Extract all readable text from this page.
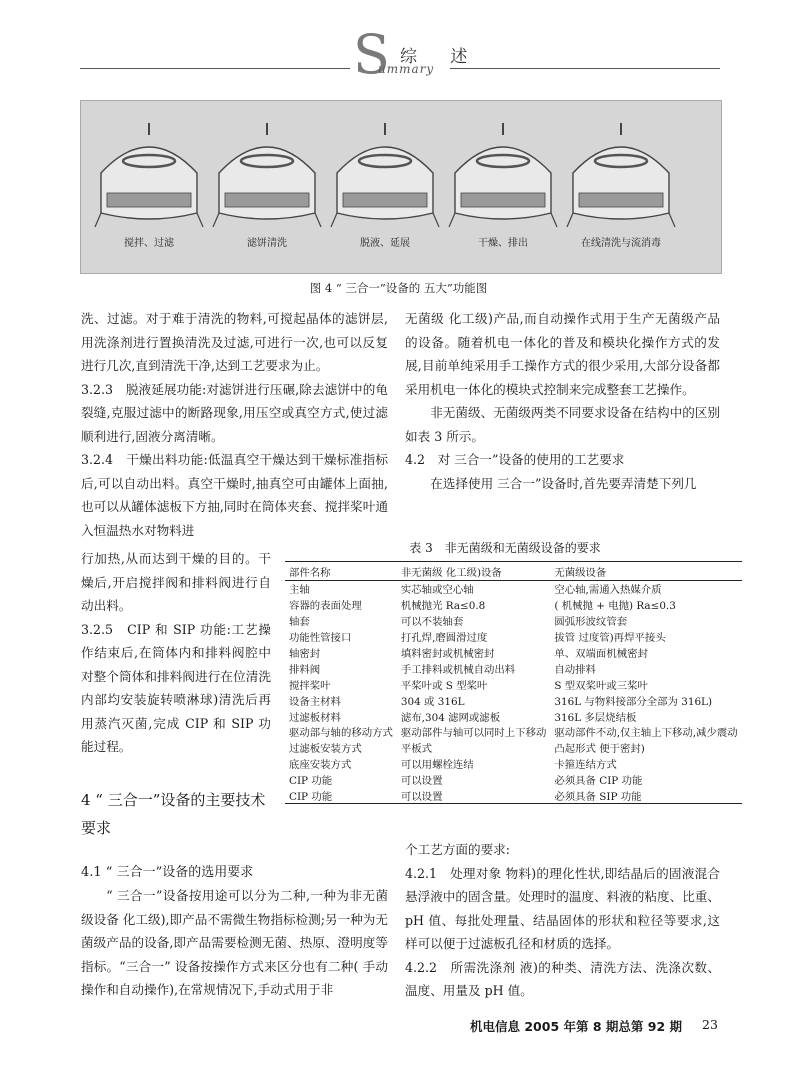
S 综 述
ummary
搅拌、过滤	滤饼清洗	脱液、延展	干燥、排出	在线清洗与流消毒
图 4 “ 三合一”设备的 五大”功能图

洗、过滤。对于难于清洗的物料,可搅起晶体的滤饼层,用洗涤剂进行置换清洗及过滤,可进行一次,也可以反复进行几次,直到清洗干净,达到工艺要求为止。

3.2.3　脱液延展功能:对滤饼进行压碾,除去滤饼中的龟裂缝,克服过滤中的断路现象,用压空或真空方式,使过滤顺利进行,固液分离清晰。

3.2.4　干燥出料功能:低温真空干燥达到干燥标准指标后,可以自动出料。真空干燥时,抽真空可由罐体上面抽,也可以从罐体滤板下方抽,同时在筒体夹套、搅拌桨叶通入恒温热水对物料进

行加热,从而达到干燥的目的。干燥后,开启搅拌阀和排料阀进行自动出料。

3.2.5　CIP 和 SIP 功能:工艺操作结束后,在筒体内和排料阀腔中对整个筒体和排料阀进行在位清洗 内部均安装旋转喷淋球)清洗后再用蒸汽灭菌,完成 CIP 和 SIP 功能过程。

4 “ 三合一”设备的主要技术要求
4.1 “ 三合一”设备的选用要求

“ 三合一”设备按用途可以分为二种,一种为非无菌级设备 化工级),即产品不需微生物指标检测;另一种为无菌级产品的设备,即产品需要检测无菌、热原、澄明度等指标。“三合一” 设备按操作方式来区分也有二种( 手动操作和自动操作),在常规情况下,手动式用于非

无菌级 化工级)产品,而自动操作式用于生产无菌级产品的设备。随着机电一体化的普及和模块化操作方式的发展,目前单纯采用手工操作方式的很少采用,大部分设备都采用机电一体化的模块式控制来完成整套工艺操作。

非无菌级、无菌级两类不同要求设备在结构中的区别如表 3 所示。

4.2　对 三合一”设备的使用的工艺要求

在选择使用 三合一”设备时,首先要弄清楚下列几

表 3　非无菌级和无菌级设备的要求
部件名称	非无菌级 化工级)设备	无菌级设备
主轴	实芯轴或空心轴	空心轴,需通入热媒介质
容器的表面处理	机械抛光 Ra≤0.8	( 机械抛 + 电抛) Ra≤0.3
轴套	可以不装轴套	圆弧形波纹管套
功能性管接口	打孔焊,磨圆滑过度	拔管 过度管)再焊平接头
轴密封	填料密封或机械密封	单、双端面机械密封
排料阀	手工排料或机械自动出料	自动排料
搅拌桨叶	平桨叶或 S 型桨叶	S 型双桨叶或三桨叶
设备主材料	304 或 316L	316L 与物料接部分全部为 316L)
过滤板材料	滤布,304 滤网或滤板	316L 多层烧结板
驱动部与轴的移动方式	驱动部件与轴可以同时上下移动	驱动部件不动,仅主轴上下移动,减少震动
过滤板安装方式	平板式	凸起形式 便于密封)
底座安装方式	可以用螺栓连结	卡箍连结方式
CIP 功能	可以设置	必须具备 CIP 功能
CIP 功能	可以设置	必须具备 SIP 功能

个工艺方面的要求:

4.2.1　处理对象 物料)的理化性状,即结晶后的固液混合悬浮液中的固含量。处理时的温度、料液的粘度、比重、pH 值、每批处理量、结晶固体的形状和粒径等要求,这样可以便于过滤板孔径和材质的选择。

4.2.2　所需洗涤剂 液)的种类、清洗方法、洗涤次数、温度、用量及 pH 值。

机电信息 2005 年第 8 期总第 92 期 23
